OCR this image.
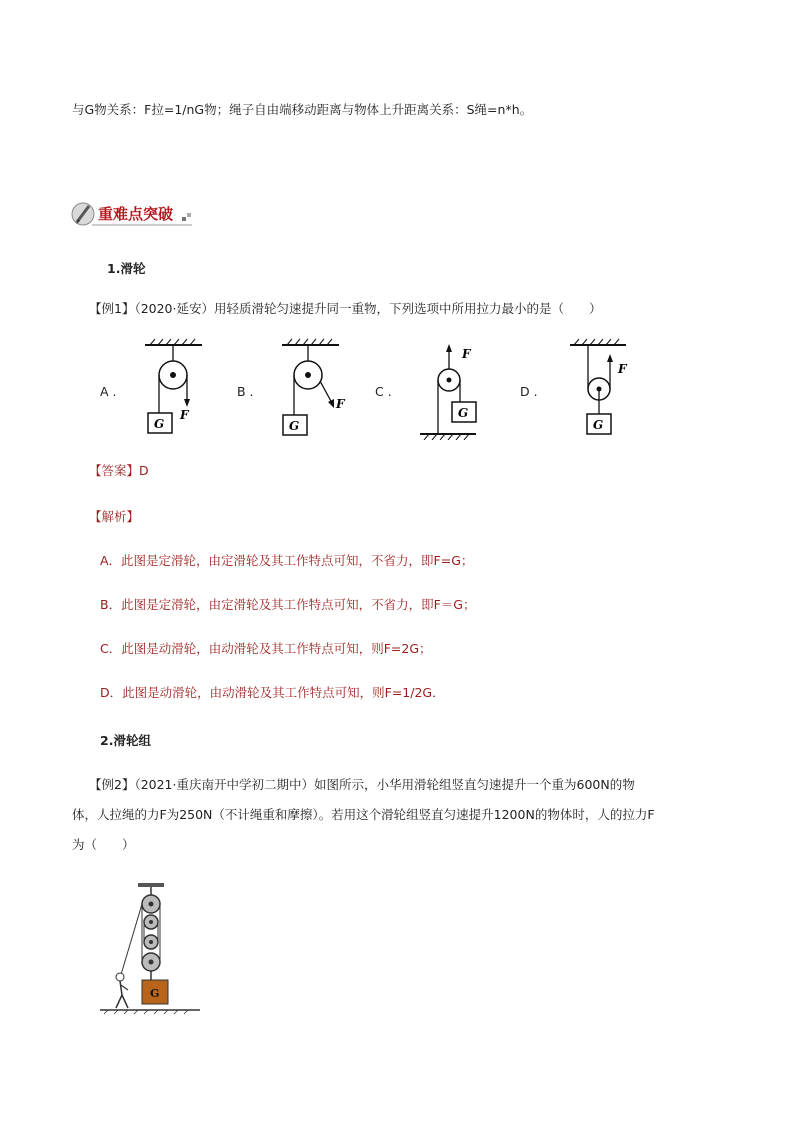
与G物关系：F拉=1/nG物；绳子自由端移动距离与物体上升距离关系：S绳=n*h。
重难点突破
1.滑轮
【例1】（2020·延安）用轻质滑轮匀速提升同一重物，下列选项中所用拉力最小的是（　　）
A .	B .	C .	D .
G
F
G
F
G
F
G
F
【答案】D
【解析】
A．此图是定滑轮，由定滑轮及其工作特点可知，不省力，即F=G；
B．此图是定滑轮，由定滑轮及其工作特点可知，不省力，即F＝G；
C．此图是动滑轮，由动滑轮及其工作特点可知，则F=2G；
D．此图是动滑轮，由动滑轮及其工作特点可知，则F=1/2G．
2.滑轮组
【例2】（2021·重庆南开中学初二期中）如图所示，小华用滑轮组竖直匀速提升一个重为600N的物
体，人拉绳的力F为250N（不计绳重和摩擦）。若用这个滑轮组竖直匀速提升1200N的物体时，人的拉力F
为（　　）
G
